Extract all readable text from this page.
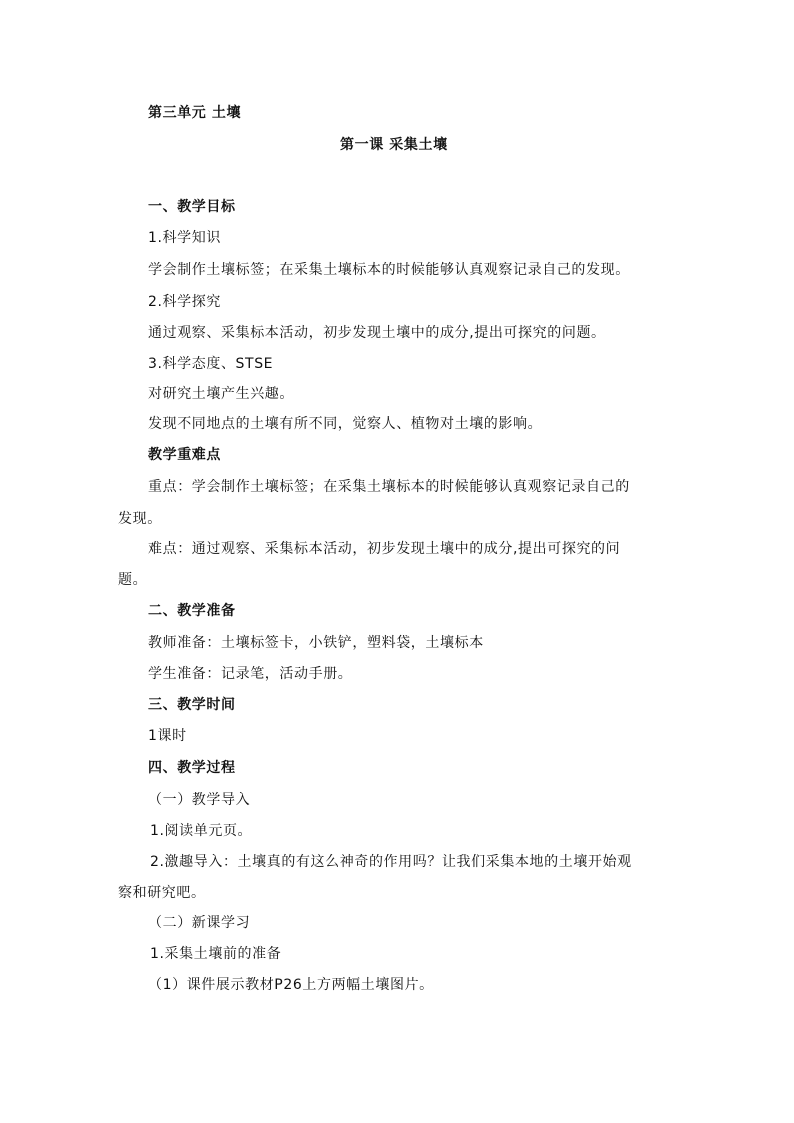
第三单元 土壤
第一课 采集土壤
一、教学目标
1.科学知识
学会制作土壤标签；在采集土壤标本的时候能够认真观察记录自己的发现。
2.科学探究
通过观察、采集标本活动，初步发现土壤中的成分,提出可探究的问题。
3.科学态度、STSE
对研究土壤产生兴趣。
发现不同地点的土壤有所不同，觉察人、植物对土壤的影响。
教学重难点
重点：学会制作土壤标签；在采集土壤标本的时候能够认真观察记录自己的
发现。
难点：通过观察、采集标本活动，初步发现土壤中的成分,提出可探究的问
题。
二、教学准备
教师准备：土壤标签卡，小铁铲，塑料袋，土壤标本
学生准备：记录笔，活动手册。
三、教学时间
1课时
四、教学过程
（一）教学导入
1.阅读单元页。
2.激趣导入：土壤真的有这么神奇的作用吗？让我们采集本地的土壤开始观
察和研究吧。
（二）新课学习
1.采集土壤前的准备
（1）课件展示教材P26上方两幅土壤图片。
